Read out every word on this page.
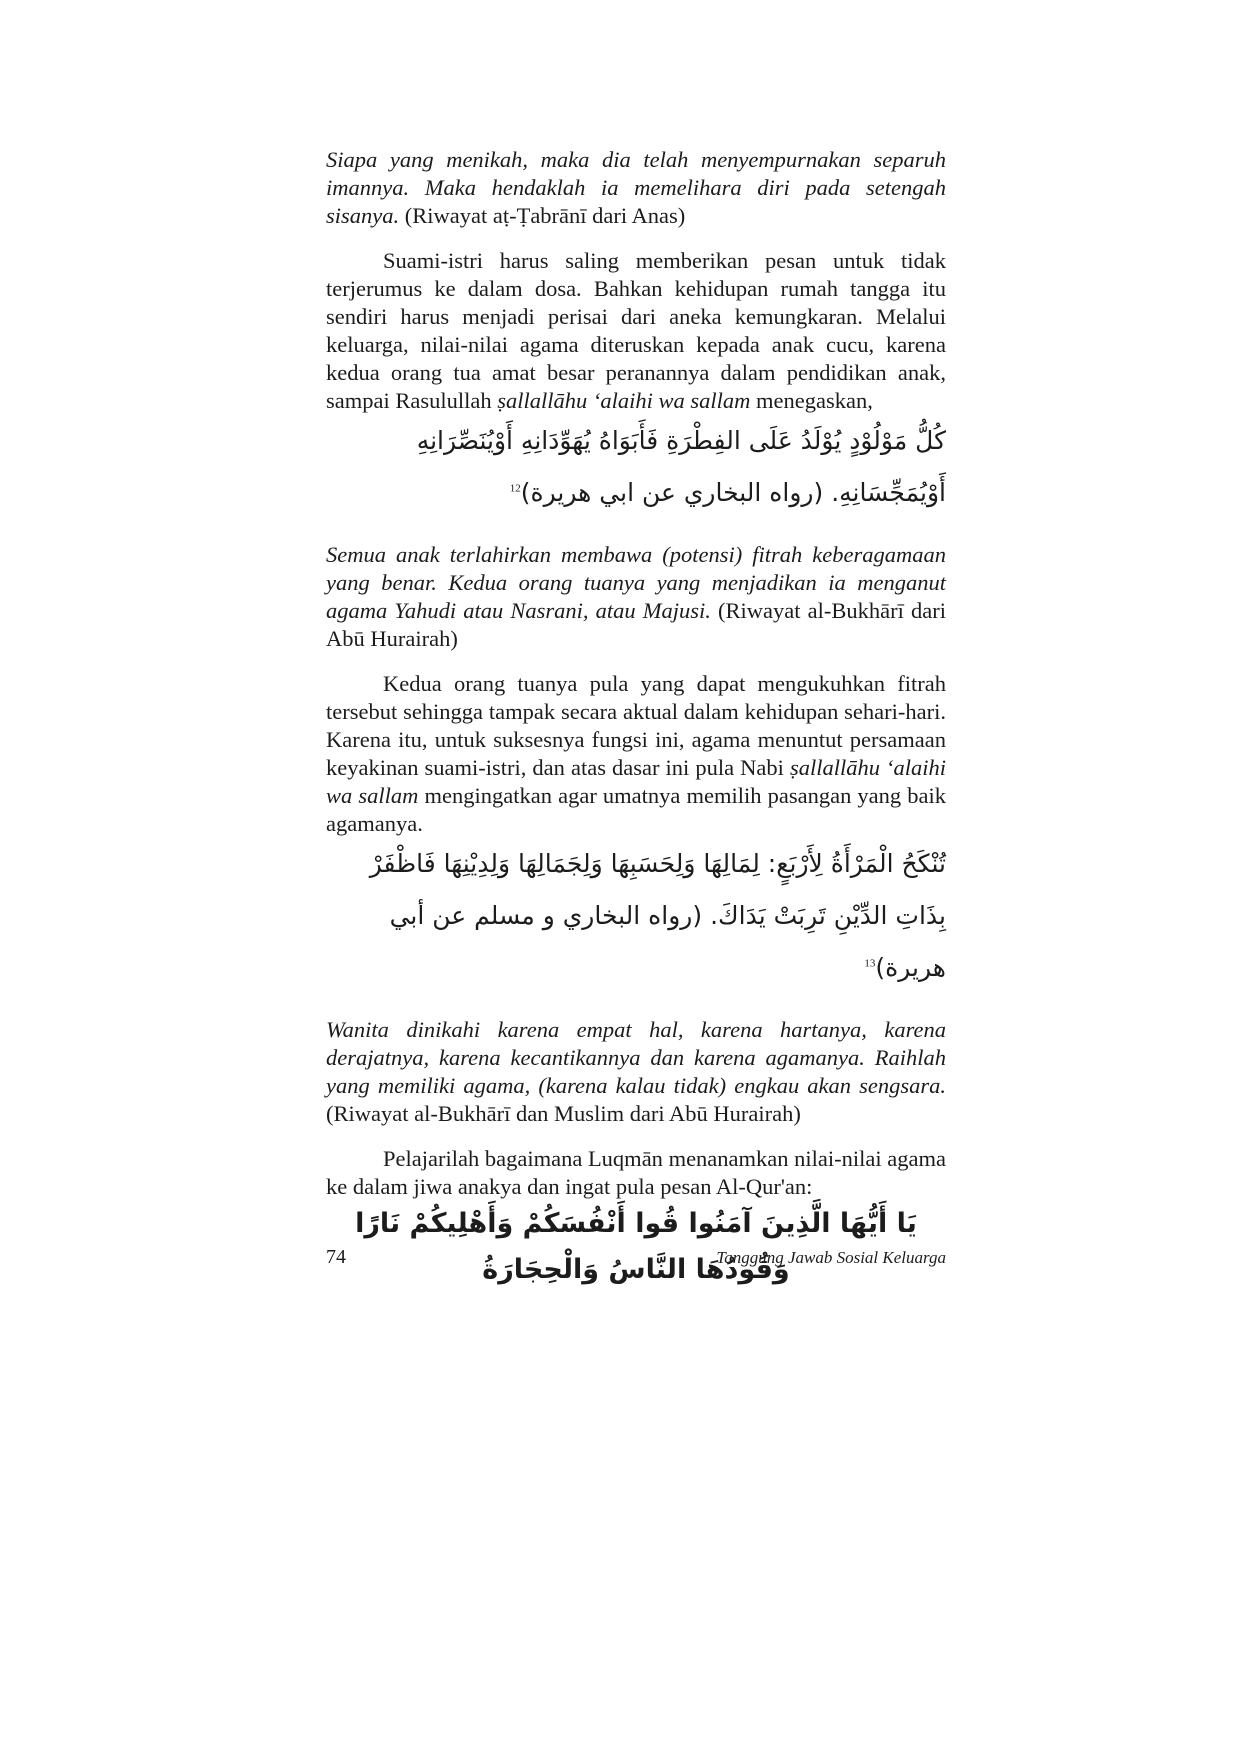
Siapa yang menikah, maka dia telah menyempurnakan separuh imannya. Maka hendaklah ia memelihara diri pada setengah sisanya. (Riwayat aṭ-Ṭabrānī dari Anas)

Suami-istri harus saling memberikan pesan untuk tidak terjerumus ke dalam dosa. Bahkan kehidupan rumah tangga itu sendiri harus menjadi perisai dari aneka kemungkaran. Melalui keluarga, nilai-nilai agama diteruskan kepada anak cucu, karena kedua orang tua amat besar peranannya dalam pendidikan anak, sampai Rasulullah ṣallallāhu ‘alaihi wa sallam menegaskan,

كُلُّ مَوْلُوْدٍ يُوْلَدُ عَلَى الفِطْرَةِ فَأَبَوَاهُ يُهَوِّدَانِهِ أَوْيُنَصِّرَانِهِ أَوْيُمَجِّسَانِهِ. (رواه البخاري عن ابي هريرة)$^{12}$

Semua anak terlahirkan membawa (potensi) fitrah keberagamaan yang benar. Kedua orang tuanya yang menjadikan ia menganut agama Yahudi atau Nasrani, atau Majusi. (Riwayat al-Bukhārī dari Abū Hurairah)

Kedua orang tuanya pula yang dapat mengukuhkan fitrah tersebut sehingga tampak secara aktual dalam kehidupan sehari-hari. Karena itu, untuk suksesnya fungsi ini, agama menuntut persamaan keyakinan suami-istri, dan atas dasar ini pula Nabi ṣallallāhu ‘alaihi wa sallam mengingatkan agar umatnya memilih pasangan yang baik agamanya.

تُنْكَحُ الْمَرْأَةُ لِأَرْبَعٍ: لِمَالِهَا وَلِحَسَبِهَا وَلِجَمَالِهَا وَلِدِيْنِهَا فَاظْفَرْ بِذَاتِ الدِّيْنِ تَرِبَتْ يَدَاكَ. (رواه البخاري و مسلم عن أبي هريرة)$^{13}$

Wanita dinikahi karena empat hal, karena hartanya, karena derajatnya, karena kecantikannya dan karena agamanya. Raihlah yang memiliki agama, (karena kalau tidak) engkau akan sengsara. (Riwayat al-Bukhārī dan Muslim dari Abū Hurairah)

Pelajarilah bagaimana Luqmān menanamkan nilai-nilai agama ke dalam jiwa anakya dan ingat pula pesan Al-Qur'an:

يَا أَيُّهَا الَّذِينَ آمَنُوا قُوا أَنْفُسَكُمْ وَأَهْلِيكُمْ نَارًا وَقُودُهَا النَّاسُ وَالْحِجَارَةُ

74	Tanggung Jawab Sosial Keluarga
